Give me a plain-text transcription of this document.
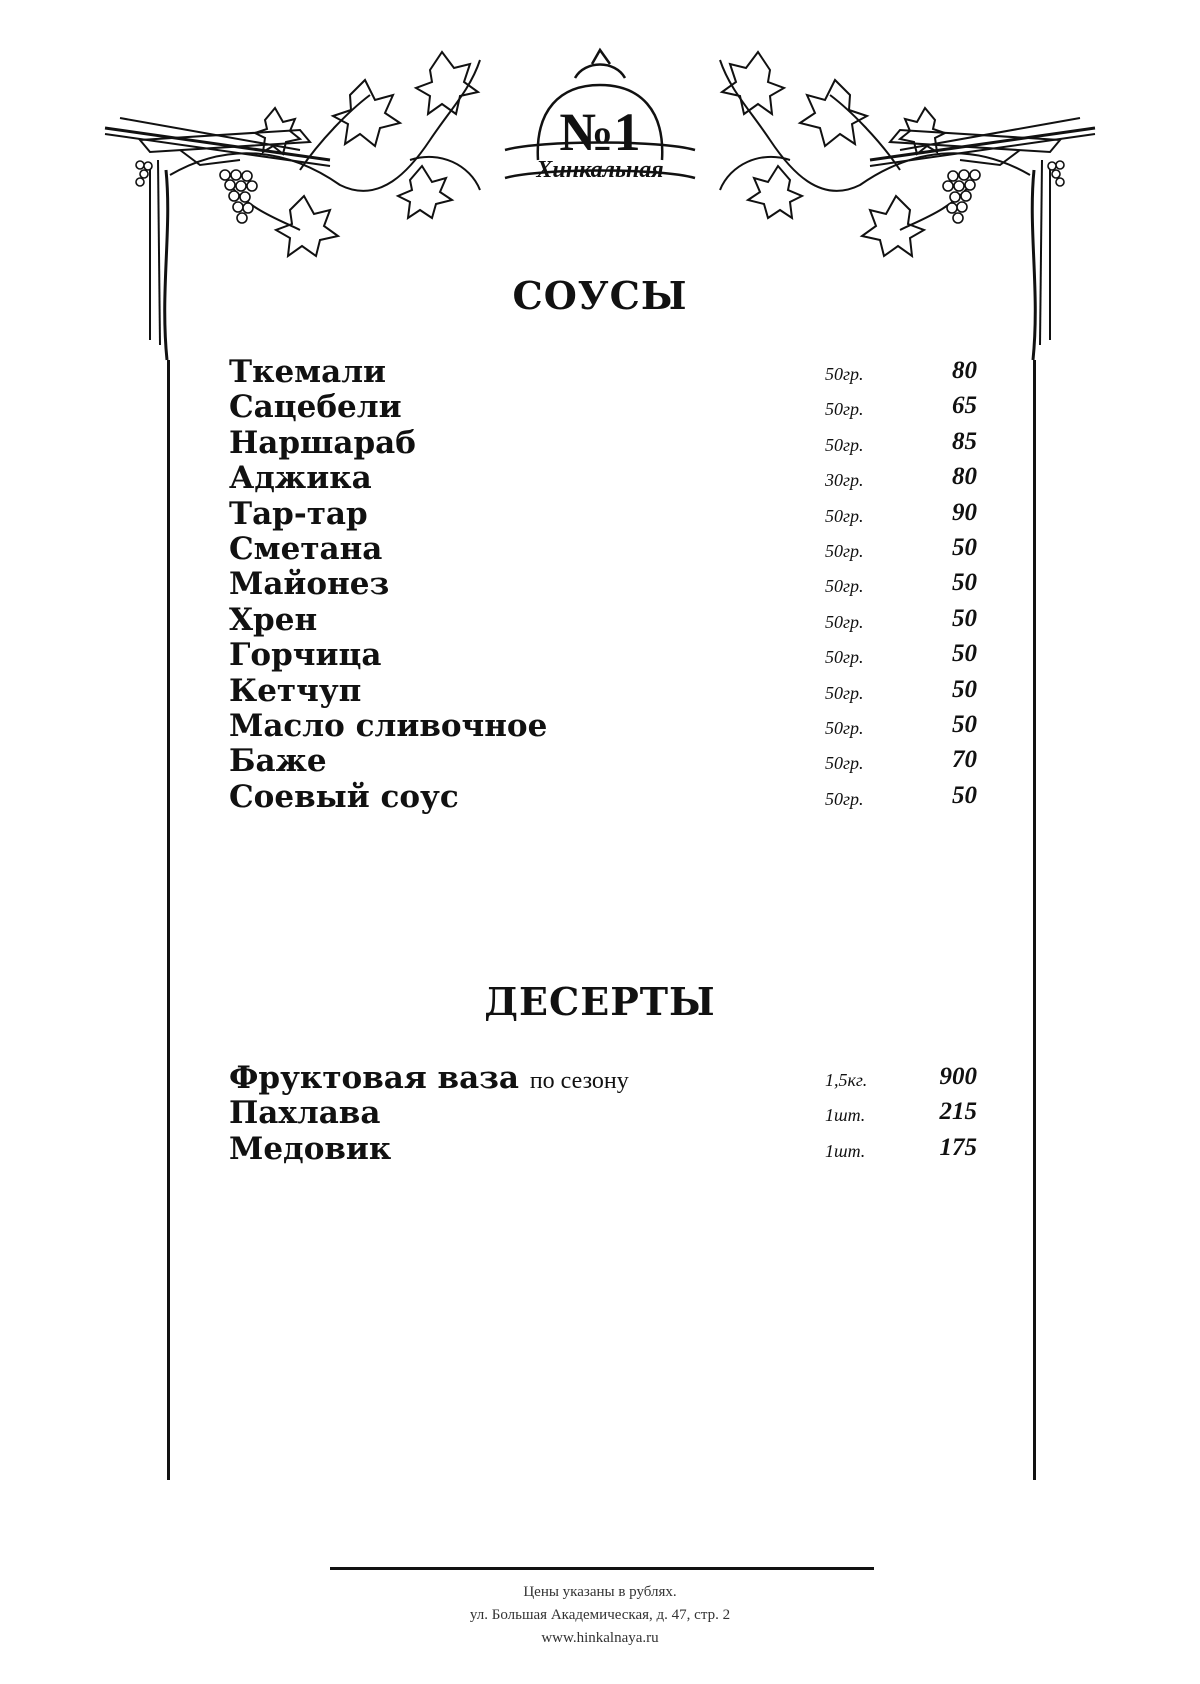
№1
Хинкальная
СОУСЫ
Ткемали	50гр.	80
Сацебели	50гр.	65
Наршараб	50гр.	85
Аджика	30гр.	80
Тар-тар	50гр.	90
Сметана	50гр.	50
Майонез	50гр.	50
Хрен	50гр.	50
Горчица	50гр.	50
Кетчуп	50гр.	50
Масло сливочное	50гр.	50
Баже	50гр.	70
Соевый соус	50гр.	50
ДЕСЕРТЫ
Фруктовая ваза по сезону	1,5кг.	900
Пахлава	1шт.	215
Медовик	1шт.	175
Цены указаны в рублях.
ул. Большая Академическая, д. 47, стр. 2
www.hinkalnaya.ru
